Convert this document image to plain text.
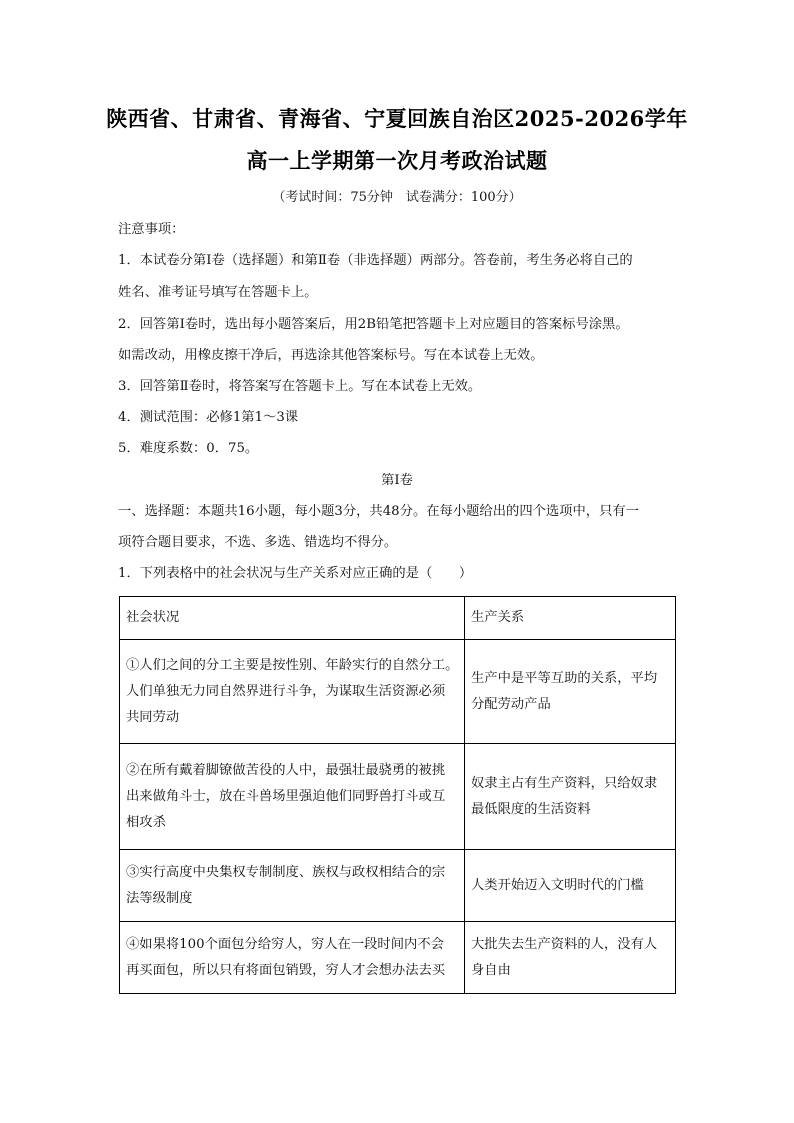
陕西省、甘肃省、青海省、宁夏回族自治区2025-2026学年
高一上学期第一次月考政治试题
（考试时间：75分钟　试卷满分：100分）
注意事项：
1．本试卷分第Ⅰ卷（选择题）和第Ⅱ卷（非选择题）两部分。答卷前，考生务必将自己的
姓名、准考证号填写在答题卡上。
2．回答第Ⅰ卷时，选出每小题答案后，用2B铅笔把答题卡上对应题目的答案标号涂黑。
如需改动，用橡皮擦干净后，再选涂其他答案标号。写在本试卷上无效。
3．回答第Ⅱ卷时，将答案写在答题卡上。写在本试卷上无效。
4．测试范围：必修1第1～3课
5．难度系数：0．75。
第Ⅰ卷
一、选择题：本题共16小题，每小题3分，共48分。在每小题给出的四个选项中，只有一
项符合题目要求，不选、多选、错选均不得分。
1．下列表格中的社会状况与生产关系对应正确的是（　　）
社会状况	生产关系

①人们之间的分工主要是按性别、年龄实行的自然分工。
人们单独无力同自然界进行斗争，为谋取生活资源必须
共同劳动	生产中是平等互助的关系，平均
分配劳动产品

②在所有戴着脚镣做苦役的人中，最强壮最骁勇的被挑
出来做角斗士，放在斗兽场里强迫他们同野兽打斗或互
相攻杀	奴隶主占有生产资料，只给奴隶
最低限度的生活资料

③实行高度中央集权专制制度、族权与政权相结合的宗
法等级制度	人类开始迈入文明时代的门槛

④如果将100个面包分给穷人，穷人在一段时间内不会
再买面包，所以只有将面包销毁，穷人才会想办法去买	大批失去生产资料的人，没有人
身自由
